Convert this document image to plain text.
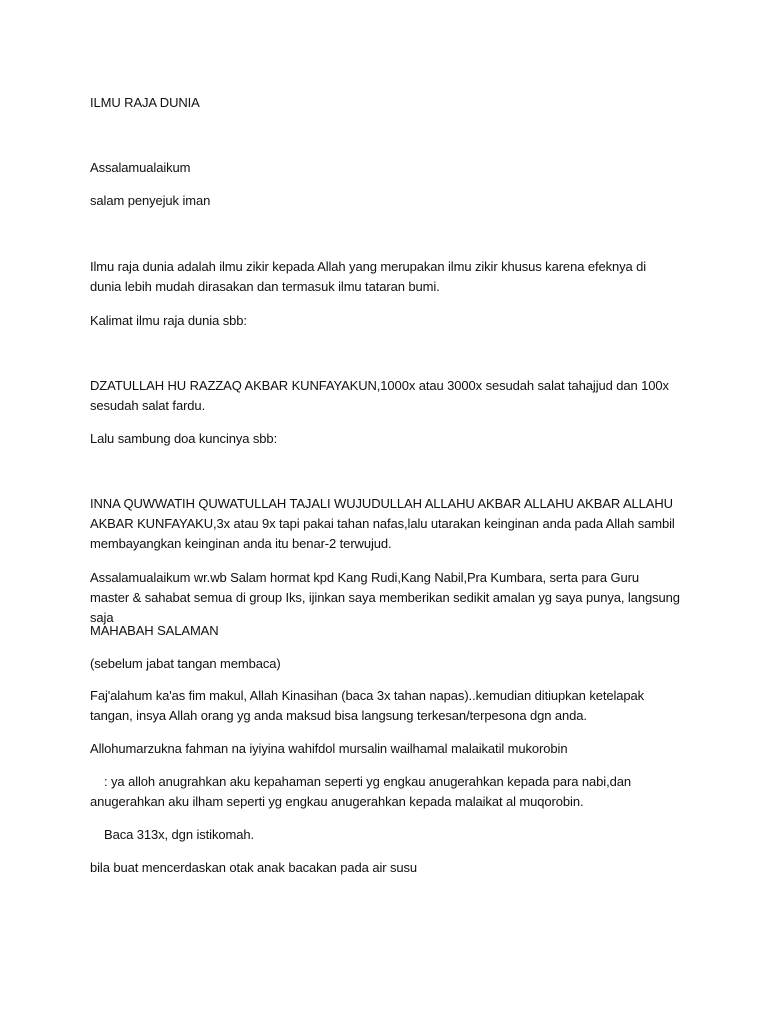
ILMU RAJA DUNIA

Assalamualaikum

salam penyejuk iman

Ilmu raja dunia adalah ilmu zikir kepada Allah yang merupakan ilmu zikir khusus karena efeknya di dunia lebih mudah dirasakan dan termasuk ilmu tataran bumi.

Kalimat ilmu raja dunia sbb:

DZATULLAH HU RAZZAQ AKBAR KUNFAYAKUN,1000x atau 3000x sesudah salat tahajjud dan 100x sesudah salat fardu.

Lalu sambung doa kuncinya sbb:

INNA QUWWATIH QUWATULLAH TAJALI WUJUDULLAH ALLAHU AKBAR ALLAHU AKBAR ALLAHU AKBAR KUNFAYAKU,3x atau 9x tapi pakai tahan nafas,lalu utarakan keinginan anda pada Allah sambil membayangkan keinginan anda itu benar-2 terwujud.

Assalamualaikum wr.wb Salam hormat kpd Kang Rudi,Kang Nabil,Pra Kumbara, serta para Guru master & sahabat semua di group Iks, ijinkan saya memberikan sedikit amalan yg saya punya, langsung saja

MAHABAH SALAMAN

(sebelum jabat tangan membaca)

Faj'alahum ka'as fim makul, Allah Kinasihan (baca 3x tahan napas)..kemudian ditiupkan ketelapak tangan, insya Allah orang yg anda maksud bisa langsung terkesan/terpesona dgn anda.

Allohumarzukna fahman na iyiyina wahifdol mursalin wailhamal malaikatil mukorobin

: ya alloh anugrahkan aku kepahaman seperti yg engkau anugerahkan kepada para nabi,dan anugerahkan aku ilham seperti yg engkau anugerahkan kepada malaikat al muqorobin.

Baca 313x, dgn istikomah.

bila buat mencerdaskan otak anak bacakan pada air susu
